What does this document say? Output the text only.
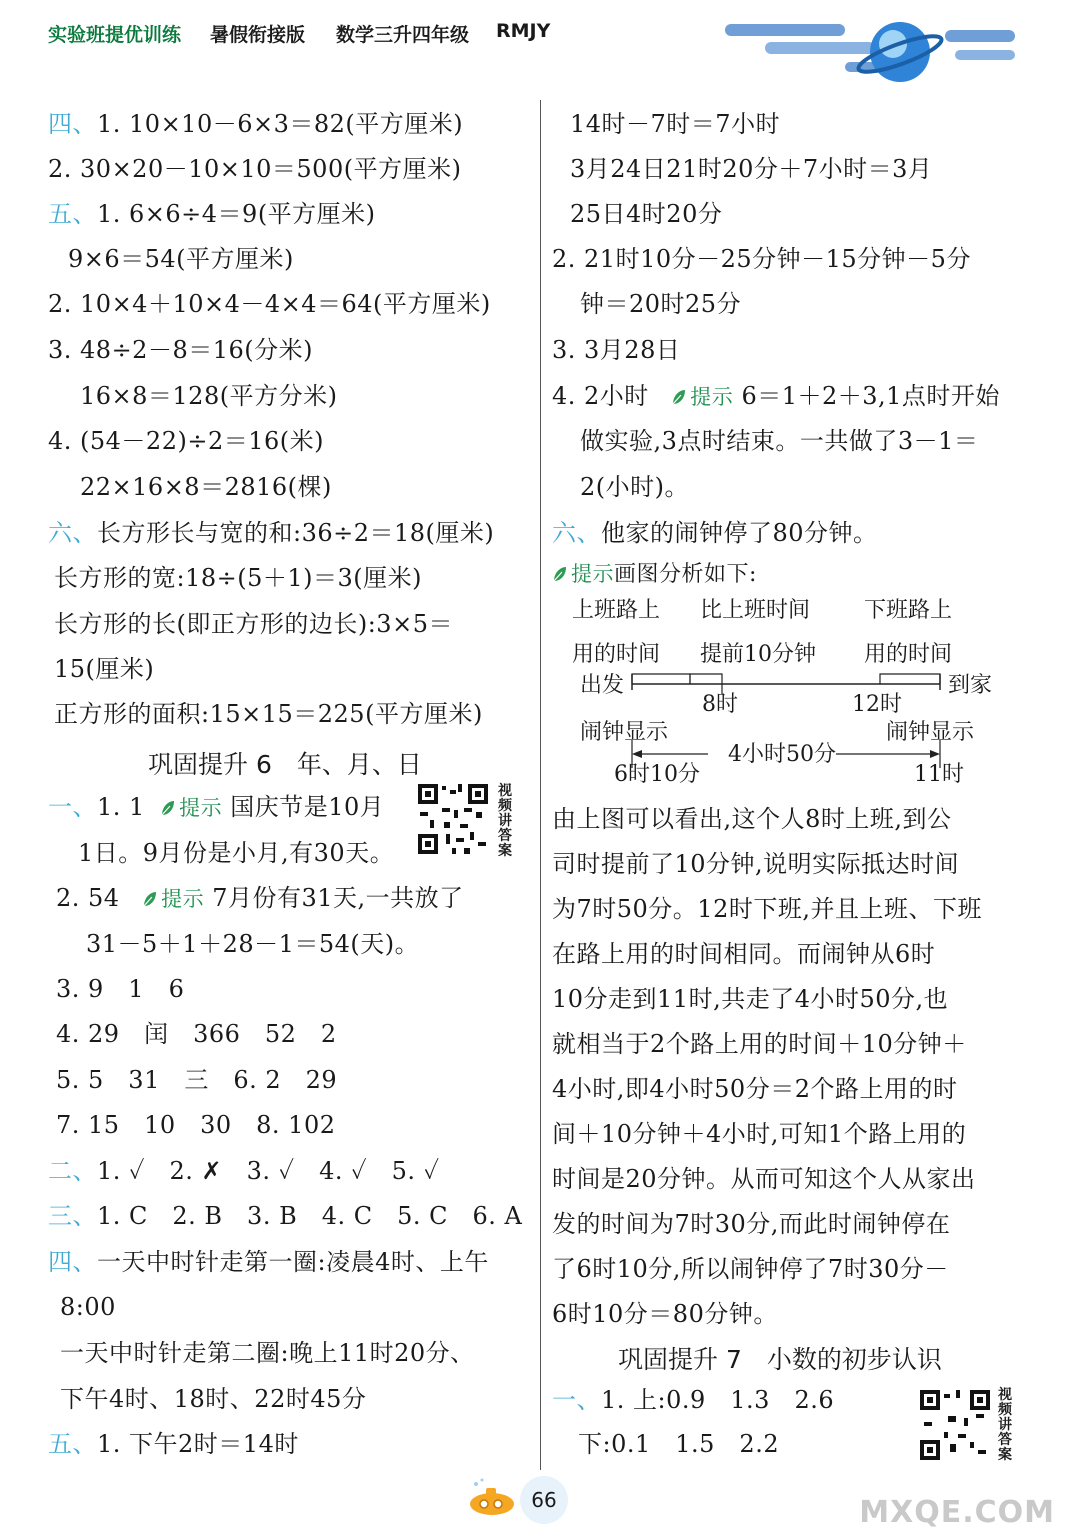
实验班提优训练 暑假衔接版 数学三升四年级 RMJY
四、1. 10×10－6×3＝82(平方厘米)
2. 30×20－10×10＝500(平方厘米)
五、1. 6×6÷4＝9(平方厘米)
9×6＝54(平方厘米)
2. 10×4＋10×4－4×4＝64(平方厘米)
3. 48÷2－8＝16(分米)
16×8＝128(平方分米)
4. (54－22)÷2＝16(米)
22×16×8＝2816(棵)
六、长方形长与宽的和:36÷2＝18(厘米)
长方形的宽:18÷(5＋1)＝3(厘米)
长方形的长(即正方形的边长):3×5＝
15(厘米)
正方形的面积:15×15＝225(平方厘米)
巩固提升 6　年、月、日
视频讲答案
一、1. 1 提示 国庆节是10月
1日。9月份是小月,有30天。
2. 54 提示 7月份有31天,一共放了
31－5＋1＋28－1＝54(天)。
3. 9　1　6
4. 29　闰　366　52　2
5. 5　31　三　6. 2　29
7. 15　10　30　8. 102
二、1. ✓　2. ✗　3. ✓　4. ✓　5. ✓
三、1. C　2. B　3. B　4. C　5. C　6. A
四、一天中时针走第一圈:凌晨4时、上午
8:00
一天中时针走第二圈:晚上11时20分、
下午4时、18时、22时45分
五、1. 下午2时＝14时
14时－7时＝7小时
3月24日21时20分＋7小时＝3月
25日4时20分
2. 21时10分－25分钟－15分钟－5分
钟＝20时25分
3. 3月28日
4. 2小时 提示 6＝1＋2＋3,1点时开始
做实验,3点时结束。一共做了3－1＝
2(小时)。
六、他家的闹钟停了80分钟。
提示画图分析如下:
上班路上
用的时间
比上班时间
提前10分钟
下班路上
用的时间
出发	到家
8时	12时
闹钟显示	闹钟显示
4小时50分
6时10分	11时
由上图可以看出,这个人8时上班,到公
司时提前了10分钟,说明实际抵达时间
为7时50分。12时下班,并且上班、下班
在路上用的时间相同。而闹钟从6时
10分走到11时,共走了4小时50分,也
就相当于2个路上用的时间＋10分钟＋
4小时,即4小时50分＝2个路上用的时
间＋10分钟＋4小时,可知1个路上用的
时间是20分钟。从而可知这个人从家出
发的时间为7时30分,而此时闹钟停在
了6时10分,所以闹钟停了7时30分－
6时10分＝80分钟。
巩固提升 7　小数的初步认识
一、1. 上:0.9　1.3　2.6
下:0.1　1.5　2.2
视频讲答案
66	MXQE.COM
